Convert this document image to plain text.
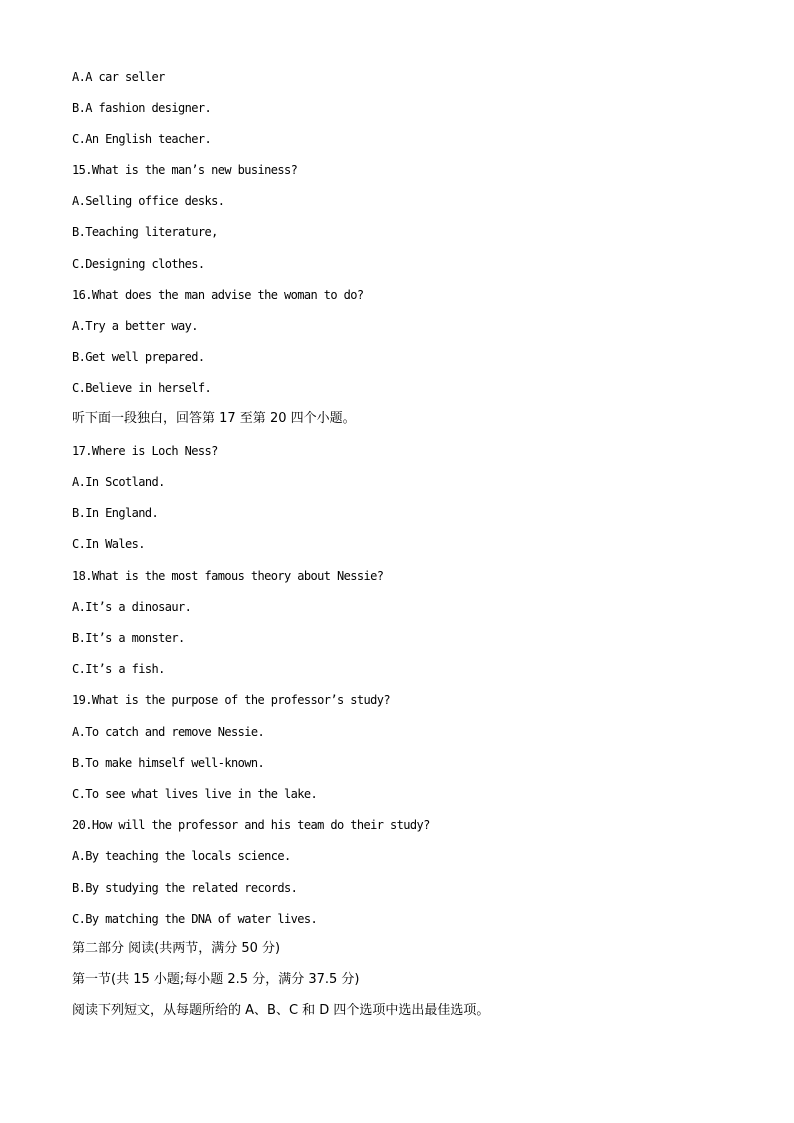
A.A car seller
B.A fashion designer.
C.An English teacher.
15.What is the man’s new business?
A.Selling office desks.
B.Teaching literature,
C.Designing clothes.
16.What does the man advise the woman to do?
A.Try a better way.
B.Get well prepared.
C.Believe in herself.
听下面一段独白，回答第 17 至第 20 四个小题。
17.Where is Loch Ness?
A.In Scotland.
B.In England.
C.In Wales.
18.What is the most famous theory about Nessie?
A.It’s a dinosaur.
B.It’s a monster.
C.It’s a fish.
19.What is the purpose of the professor’s study?
A.To catch and remove Nessie.
B.To make himself well-known.
C.To see what lives live in the lake.
20.How will the professor and his team do their study?
A.By teaching the locals science.
B.By studying the related records.
C.By matching the DNA of water lives.
第二部分 阅读(共两节，满分 50 分)
第一节(共 15 小题;每小题 2.5 分，满分 37.5 分)
阅读下列短文，从每题所给的 A、B、C 和 D 四个选项中选出最佳选项。
